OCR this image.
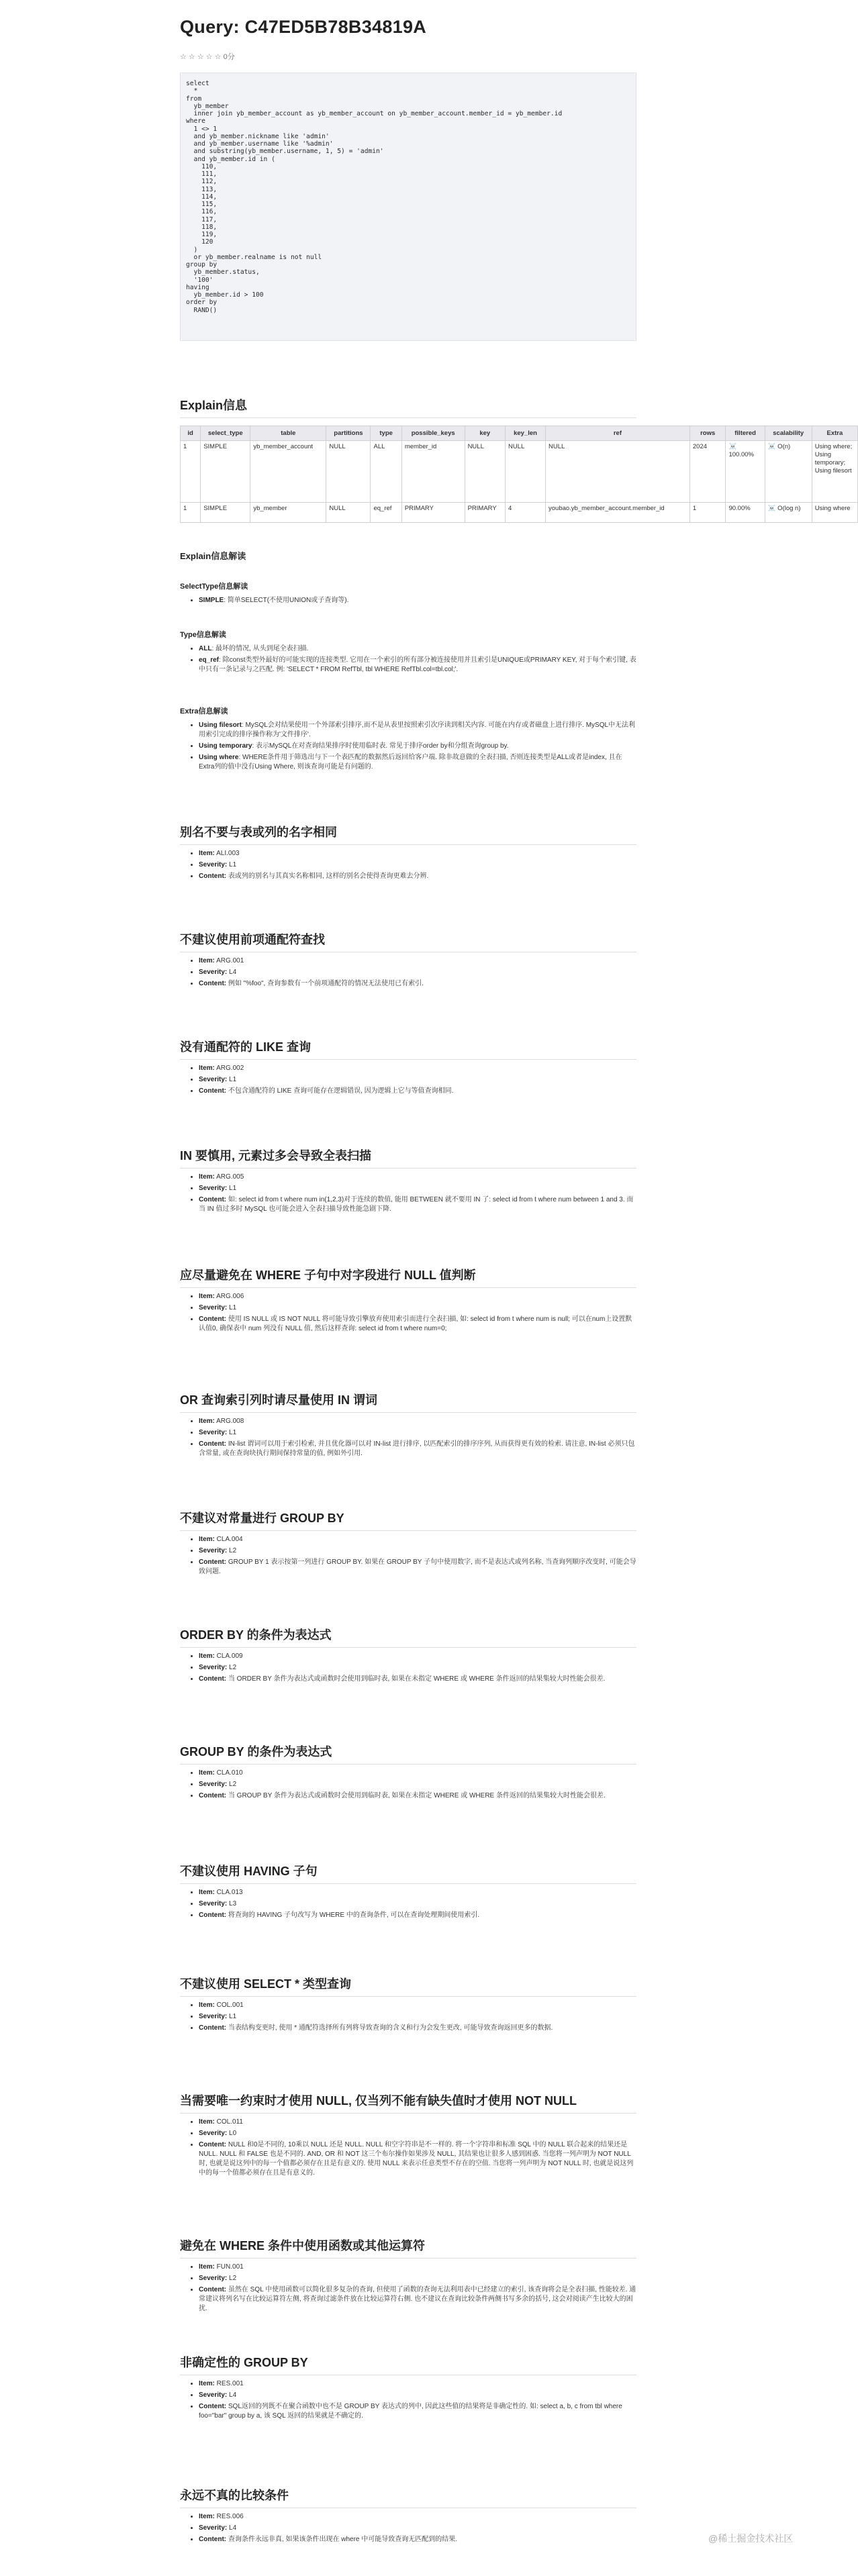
Query: C47ED5B78B34819A
☆ ☆ ☆ ☆ ☆ 0分
select
*
from
yb_member
inner join yb_member_account as yb_member_account on yb_member_account.member_id = yb_member.id
where
1 <> 1
and yb_member.nickname like 'admin'
and yb_member.username like '%admin'
and substring(yb_member.username, 1, 5) = 'admin'
and yb_member.id in (
110,
111,
112,
113,
114,
115,
116,
117,
118,
119,
120
)
or yb_member.realname is not null
group by
yb_member.status,
'100'
having
yb_member.id > 100
order by
RAND()
Explain信息
id	select_type	table	partitions	type	possible_keys	key	key_len	ref	rows	filtered	scalability	Extra
1	SIMPLE	yb_member_account	NULL	ALL	member_id	NULL	NULL	NULL	2024	☠️ 100.00%	☠️ O(n)	Using where; Using temporary; Using filesort
1	SIMPLE	yb_member	NULL	eq_ref	PRIMARY	PRIMARY	4	youbao.yb_member_account.member_id	1	90.00%	☠️ O(log n)	Using where
Explain信息解读
SelectType信息解读
• SIMPLE: 简单SELECT(不使用UNION或子查询等).
Type信息解读
• ALL: 最坏的情况, 从头到尾全表扫描.
• eq_ref: 除const类型外最好的可能实现的连接类型. 它用在一个索引的所有部分被连接使用并且索引是UNIQUE或PRIMARY KEY, 对于每个索引键, 表中只有一条记录与之匹配. 例: 'SELECT * FROM RefTbl, tbl WHERE RefTbl.col=tbl.col;'.
Extra信息解读
• Using filesort: MySQL会对结果使用一个外部索引排序,而不是从表里按照索引次序读到相关内容. 可能在内存或者磁盘上进行排序. MySQL中无法利用索引完成的排序操作称为'文件排序'.
• Using temporary: 表示MySQL在对查询结果排序时使用临时表. 常见于排序order by和分组查询group by.
• Using where: WHERE条件用于筛选出与下一个表匹配的数据然后返回给客户端. 除非故意做的全表扫描, 否则连接类型是ALL或者是index, 且在Extra列的值中没有Using Where, 则该查询可能是有问题的.
别名不要与表或列的名字相同
• Item: ALI.003
• Severity: L1
• Content: 表或列的别名与其真实名称相同, 这样的别名会使得查询更难去分辨.
不建议使用前项通配符查找
• Item: ARG.001
• Severity: L4
• Content: 例如 "%foo", 查询参数有一个前项通配符的情况无法使用已有索引.
没有通配符的 LIKE 查询
• Item: ARG.002
• Severity: L1
• Content: 不包含通配符的 LIKE 查询可能存在逻辑错误, 因为逻辑上它与等值查询相同.
IN 要慎用, 元素过多会导致全表扫描
• Item: ARG.005
• Severity: L1
• Content: 如: select id from t where num in(1,2,3)对于连续的数值, 能用 BETWEEN 就不要用 IN 了: select id from t where num between 1 and 3. 而当 IN 值过多时 MySQL 也可能会进入全表扫描导致性能急剧下降.
应尽量避免在 WHERE 子句中对字段进行 NULL 值判断
• Item: ARG.006
• Severity: L1
• Content: 使用 IS NULL 或 IS NOT NULL 将可能导致引擎放弃使用索引而进行全表扫描, 如: select id from t where num is null; 可以在num上设置默认值0, 确保表中 num 列没有 NULL 值, 然后这样查询: select id from t where num=0;
OR 查询索引列时请尽量使用 IN 谓词
• Item: ARG.008
• Severity: L1
• Content: IN-list 谓词可以用于索引检索, 并且优化器可以对 IN-list 进行排序, 以匹配索引的排序序列, 从而获得更有效的检索. 请注意, IN-list 必须只包含常量, 或在查询块执行期间保持常量的值, 例如外引用.
不建议对常量进行 GROUP BY
• Item: CLA.004
• Severity: L2
• Content: GROUP BY 1 表示按第一列进行 GROUP BY. 如果在 GROUP BY 子句中使用数字, 而不是表达式或列名称, 当查询列顺序改变时, 可能会导致问题.
ORDER BY 的条件为表达式
• Item: CLA.009
• Severity: L2
• Content: 当 ORDER BY 条件为表达式或函数时会使用到临时表, 如果在未指定 WHERE 或 WHERE 条件返回的结果集较大时性能会很差.
GROUP BY 的条件为表达式
• Item: CLA.010
• Severity: L2
• Content: 当 GROUP BY 条件为表达式或函数时会使用到临时表, 如果在未指定 WHERE 或 WHERE 条件返回的结果集较大时性能会很差.
不建议使用 HAVING 子句
• Item: CLA.013
• Severity: L3
• Content: 将查询的 HAVING 子句改写为 WHERE 中的查询条件, 可以在查询处理期间使用索引.
不建议使用 SELECT * 类型查询
• Item: COL.001
• Severity: L1
• Content: 当表结构变更时, 使用 * 通配符选择所有列将导致查询的含义和行为会发生更改, 可能导致查询返回更多的数据.
当需要唯一约束时才使用 NULL, 仅当列不能有缺失值时才使用 NOT NULL
• Item: COL.011
• Severity: L0
• Content: NULL 和0是不同的, 10乘以 NULL 还是 NULL. NULL 和空字符串是不一样的. 将一个字符串和标准 SQL 中的 NULL 联合起来的结果还是 NULL. NULL 和 FALSE 也是不同的. AND, OR 和 NOT 这三个布尔操作如果涉及 NULL, 其结果也让很多人感到困惑. 当您将一列声明为 NOT NULL 时, 也就是说这列中的每一个值都必须存在且是有意义的. 使用 NULL 来表示任意类型不存在的空值. 当您将一列声明为 NOT NULL 时, 也就是说这列中的每一个值都必须存在且是有意义的.
避免在 WHERE 条件中使用函数或其他运算符
• Item: FUN.001
• Severity: L2
• Content: 虽然在 SQL 中使用函数可以简化很多复杂的查询, 但使用了函数的查询无法利用表中已经建立的索引, 该查询将会是全表扫描, 性能较差. 通常建议将列名写在比较运算符左侧, 将查询过滤条件放在比较运算符右侧. 也不建议在查询比较条件两侧书写多余的括号, 这会对阅读产生比较大的困扰.
非确定性的 GROUP BY
• Item: RES.001
• Severity: L4
• Content: SQL返回的列既不在聚合函数中也不是 GROUP BY 表达式的列中, 因此这些值的结果将是非确定性的. 如: select a, b, c from tbl where foo="bar" group by a, 该 SQL 返回的结果就是不确定的.
永远不真的比较条件
• Item: RES.006
• Severity: L4
• Content: 查询条件永远非真, 如果该条件出现在 where 中可能导致查询无匹配到的结果.	@稀土掘金技术社区
